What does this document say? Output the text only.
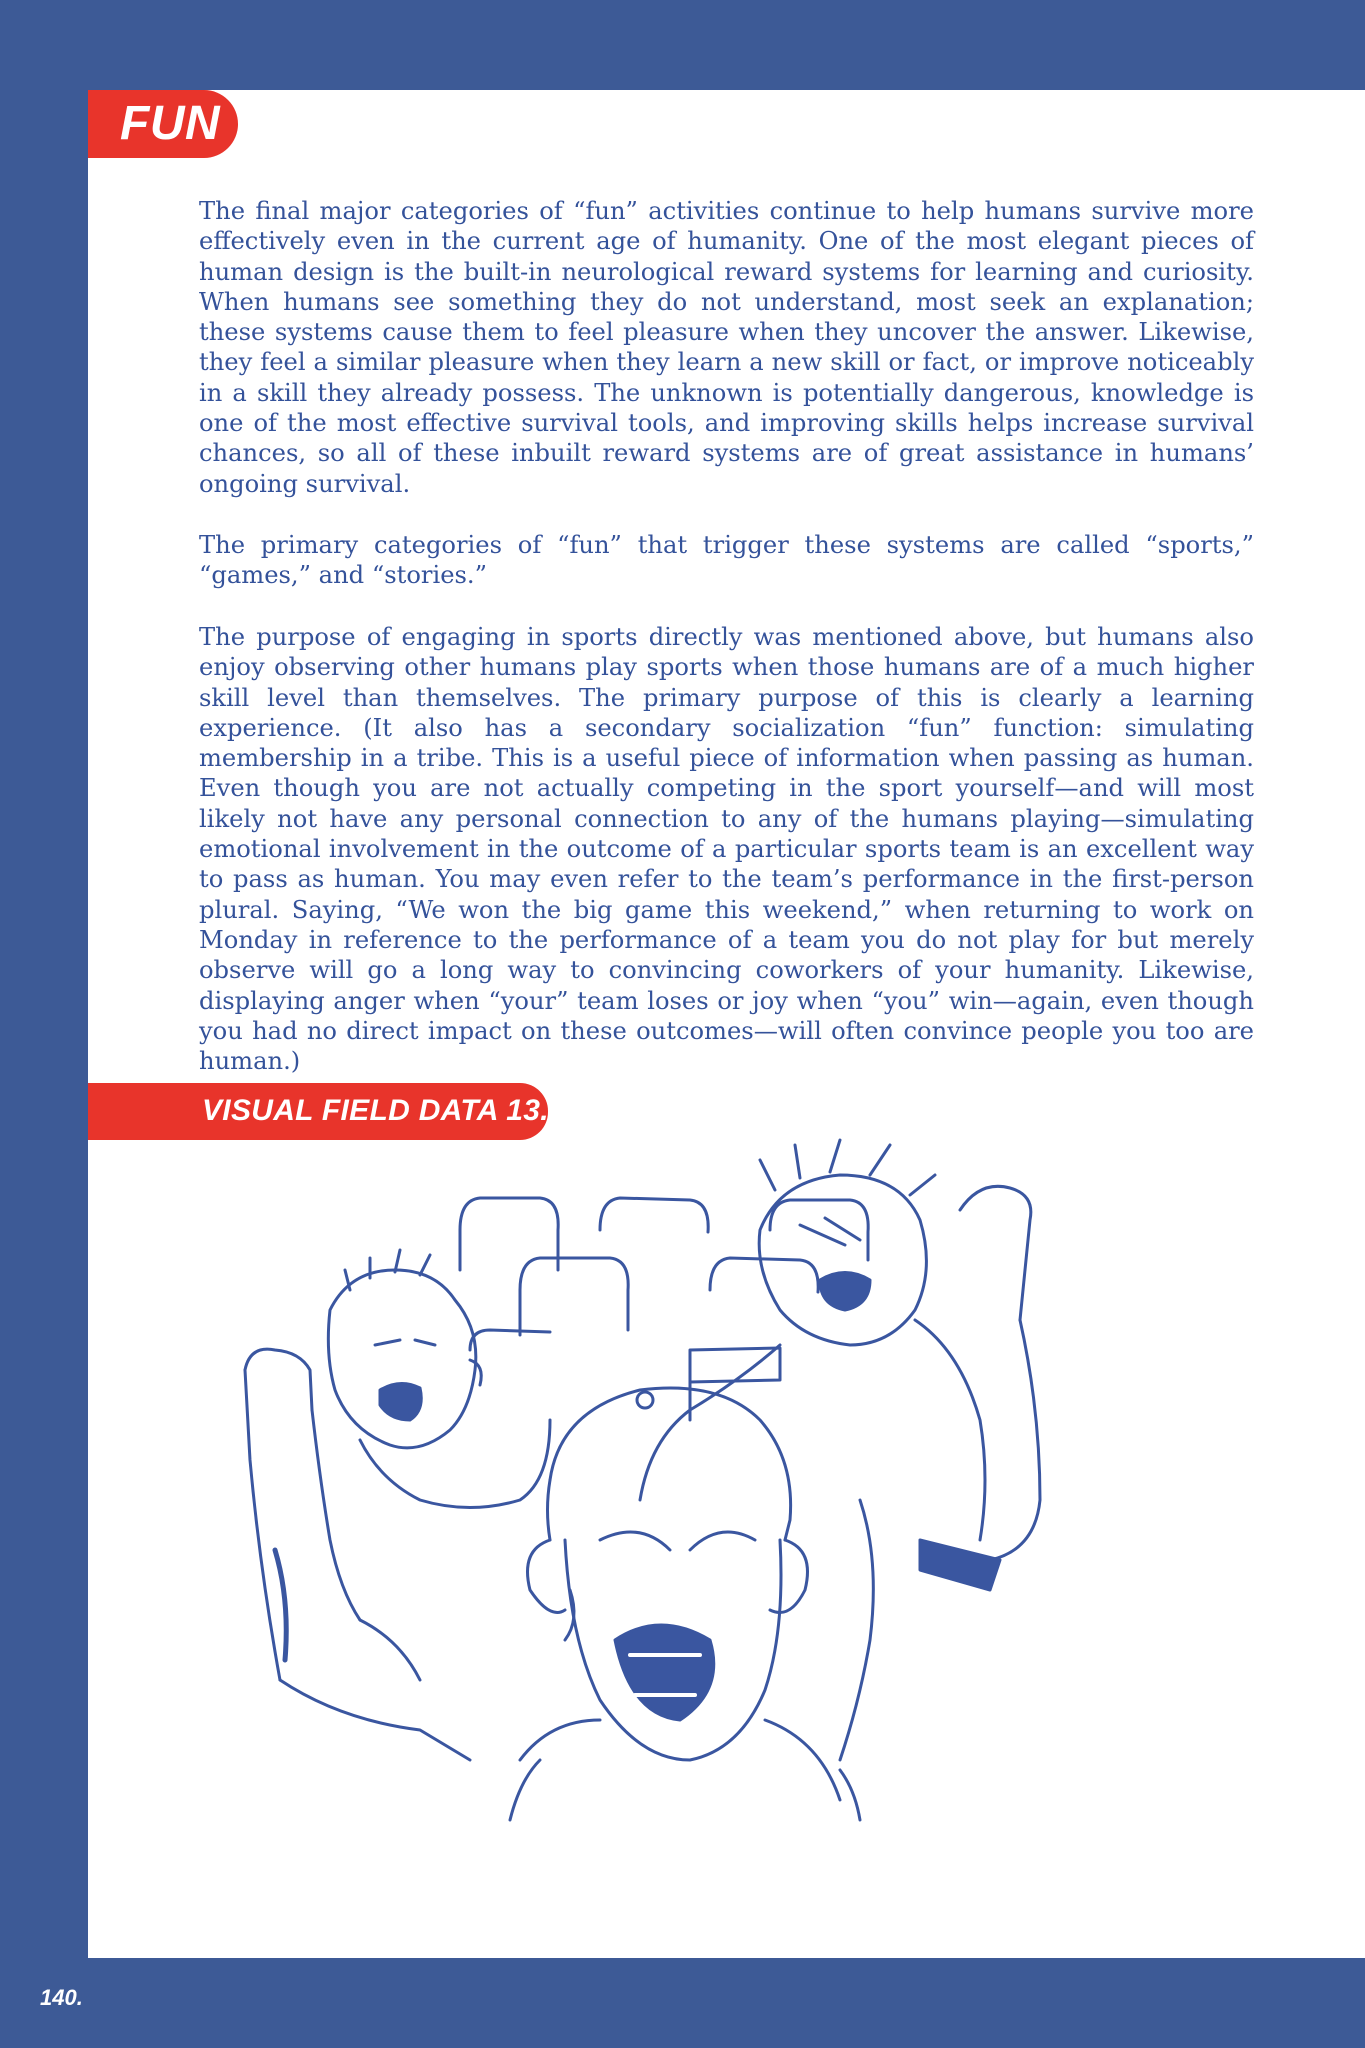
FUN

The final major categories of “fun” activities continue to help humans survive more effectively even in the current age of humanity. One of the most elegant pieces of human design is the built-in neurological reward systems for learning and curiosity. When humans see something they do not understand, most seek an explanation; these systems cause them to feel pleasure when they uncover the answer. Likewise, they feel a similar pleasure when they learn a new skill or fact, or improve noticeably in a skill they already possess. The unknown is potentially dangerous, knowledge is one of the most effective survival tools, and improving skills helps increase survival chances, so all of these inbuilt reward systems are of great assistance in humans’ ongoing survival.

The primary categories of “fun” that trigger these systems are called “sports,” “games,” and “stories.”

The purpose of engaging in sports directly was mentioned above, but humans also enjoy observing other humans play sports when those humans are of a much higher skill level than themselves. The primary purpose of this is clearly a learning experience. (It also has a secondary socialization “fun” function: simulating membership in a tribe. This is a useful piece of information when passing as human. Even though you are not actually competing in the sport yourself—and will most likely not have any personal connection to any of the humans playing—simulating emotional involvement in the outcome of a particular sports team is an excellent way to pass as human. You may even refer to the team’s performance in the first-person plural. Saying, “We won the big game this weekend,” when returning to work on Monday in reference to the performance of a team you do not play for but merely observe will go a long way to convincing coworkers of your humanity. Likewise, displaying anger when “your” team loses or joy when “you” win—again, even though you had no direct impact on these outcomes—will often convince people you too are human.)

VISUAL FIELD DATA 13.4
140.
